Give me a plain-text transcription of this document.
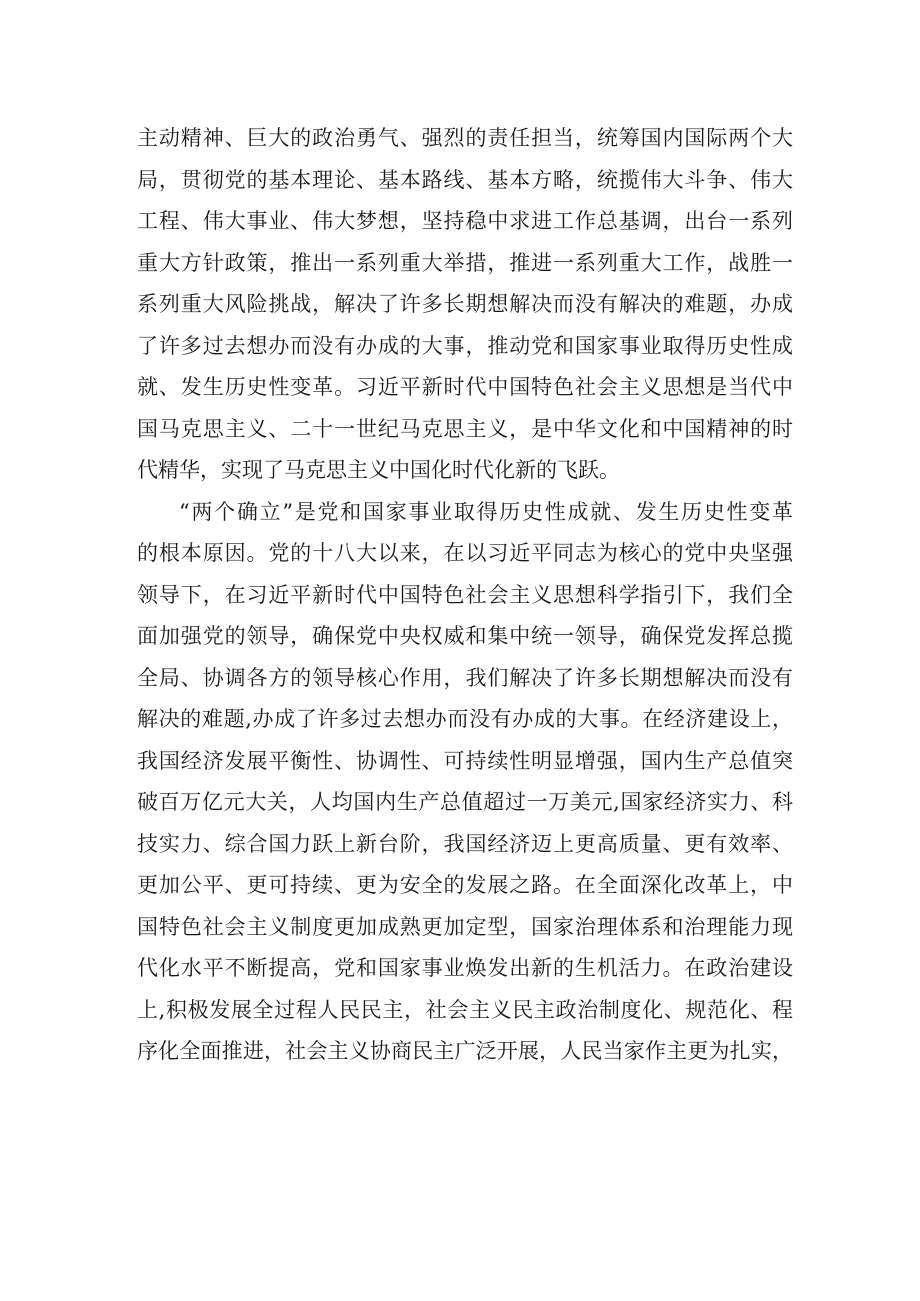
主动精神、巨大的政治勇气、强烈的责任担当，统筹国内国际两个大
局，贯彻党的基本理论、基本路线、基本方略，统揽伟大斗争、伟大
工程、伟大事业、伟大梦想，坚持稳中求进工作总基调，出台一系列
重大方针政策，推出一系列重大举措，推进一系列重大工作，战胜一
系列重大风险挑战，解决了许多长期想解决而没有解决的难题，办成
了许多过去想办而没有办成的大事，推动党和国家事业取得历史性成
就、发生历史性变革。习近平新时代中国特色社会主义思想是当代中
国马克思主义、二十一世纪马克思主义，是中华文化和中国精神的时
代精华，实现了马克思主义中国化时代化新的飞跃。
“两个确立”是党和国家事业取得历史性成就、发生历史性变革
的根本原因。党的十八大以来，在以习近平同志为核心的党中央坚强
领导下，在习近平新时代中国特色社会主义思想科学指引下，我们全
面加强党的领导，确保党中央权威和集中统一领导，确保党发挥总揽
全局、协调各方的领导核心作用，我们解决了许多长期想解决而没有
解决的难题,办成了许多过去想办而没有办成的大事。在经济建设上，
我国经济发展平衡性、协调性、可持续性明显增强，国内生产总值突
破百万亿元大关，人均国内生产总值超过一万美元,国家经济实力、科
技实力、综合国力跃上新台阶，我国经济迈上更高质量、更有效率、
更加公平、更可持续、更为安全的发展之路。在全面深化改革上，中
国特色社会主义制度更加成熟更加定型，国家治理体系和治理能力现
代化水平不断提高，党和国家事业焕发出新的生机活力。在政治建设
上,积极发展全过程人民民主，社会主义民主政治制度化、规范化、程
序化全面推进，社会主义协商民主广泛开展，人民当家作主更为扎实，
